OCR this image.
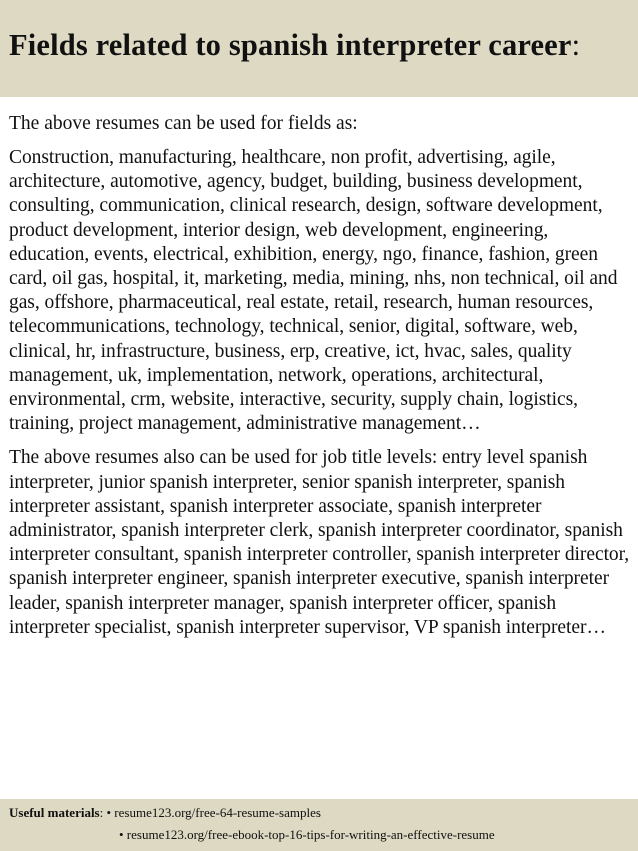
Fields related to spanish interpreter career:

The above resumes can be used for fields as:

Construction, manufacturing, healthcare, non profit, advertising, agile, architecture, automotive, agency, budget, building, business development, consulting, communication, clinical research, design, software development, product development, interior design, web development, engineering, education, events, electrical, exhibition, energy, ngo, finance, fashion, green card, oil gas, hospital, it, marketing, media, mining, nhs, non technical, oil and gas, offshore, pharmaceutical, real estate, retail, research, human resources, telecommunications, technology, technical, senior, digital, software, web, clinical, hr, infrastructure, business, erp, creative, ict, hvac, sales, quality management, uk, implementation, network, operations, architectural, environmental, crm, website, interactive, security, supply chain, logistics, training, project management, administrative management…

The above resumes also can be used for job title levels: entry level spanish interpreter, junior spanish interpreter, senior spanish interpreter, spanish interpreter assistant, spanish interpreter associate, spanish interpreter administrator, spanish interpreter clerk, spanish interpreter coordinator, spanish interpreter consultant, spanish interpreter controller, spanish interpreter director, spanish interpreter engineer, spanish interpreter executive, spanish interpreter leader, spanish interpreter manager, spanish interpreter officer, spanish interpreter specialist, spanish interpreter supervisor, VP spanish interpreter…

Useful materials: • resume123.org/free-64-resume-samples
• resume123.org/free-ebook-top-16-tips-for-writing-an-effective-resume
